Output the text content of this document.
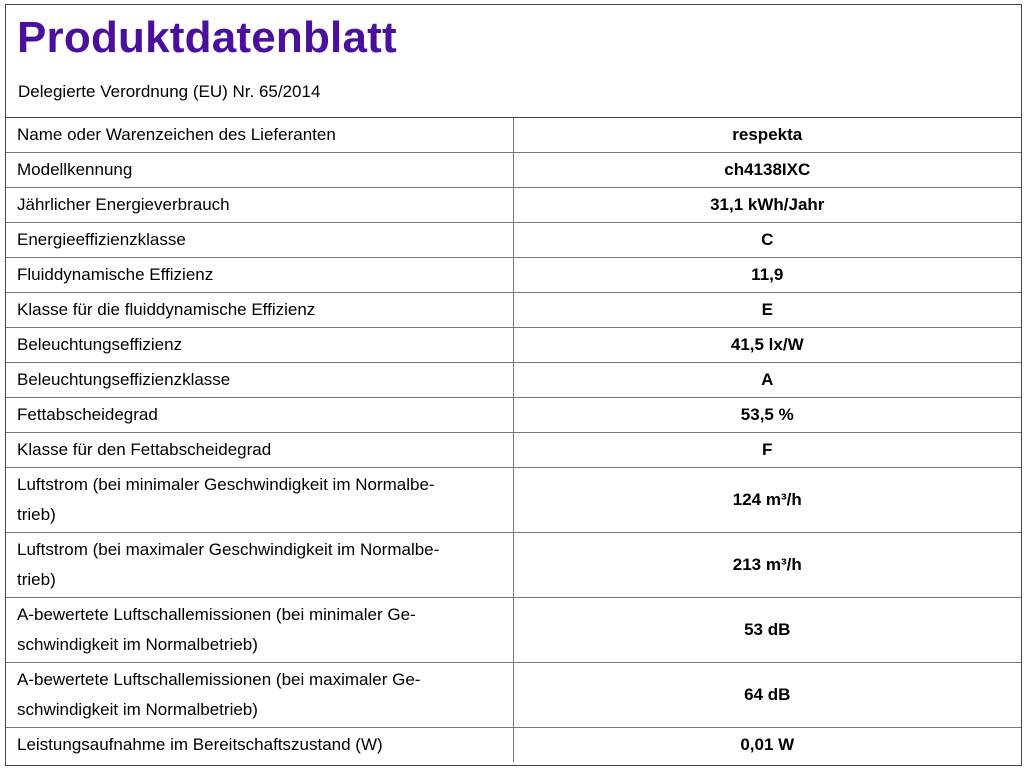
Produktdatenblatt
Delegierte Verordnung (EU) Nr. 65/2014
Name oder Warenzeichen des Lieferanten	respekta
Modellkennung	ch4138IXC
Jährlicher Energieverbrauch	31,1 kWh/Jahr
Energieeffizienzklasse	C
Fluiddynamische Effizienz	11,9
Klasse für die fluiddynamische Effizienz	E
Beleuchtungseffizienz	41,5 lx/W
Beleuchtungseffizienzklasse	A
Fettabscheidegrad	53,5 %
Klasse für den Fettabscheidegrad	F
Luftstrom (bei minimaler Geschwindigkeit im Normalbe-
trieb)	124 m³/h
Luftstrom (bei maximaler Geschwindigkeit im Normalbe-
trieb)	213 m³/h
A-bewertete Luftschallemissionen (bei minimaler Ge-
schwindigkeit im Normalbetrieb)	53 dB
A-bewertete Luftschallemissionen (bei maximaler Ge-
schwindigkeit im Normalbetrieb)	64 dB
Leistungsaufnahme im Bereitschaftszustand (W)	0,01 W
